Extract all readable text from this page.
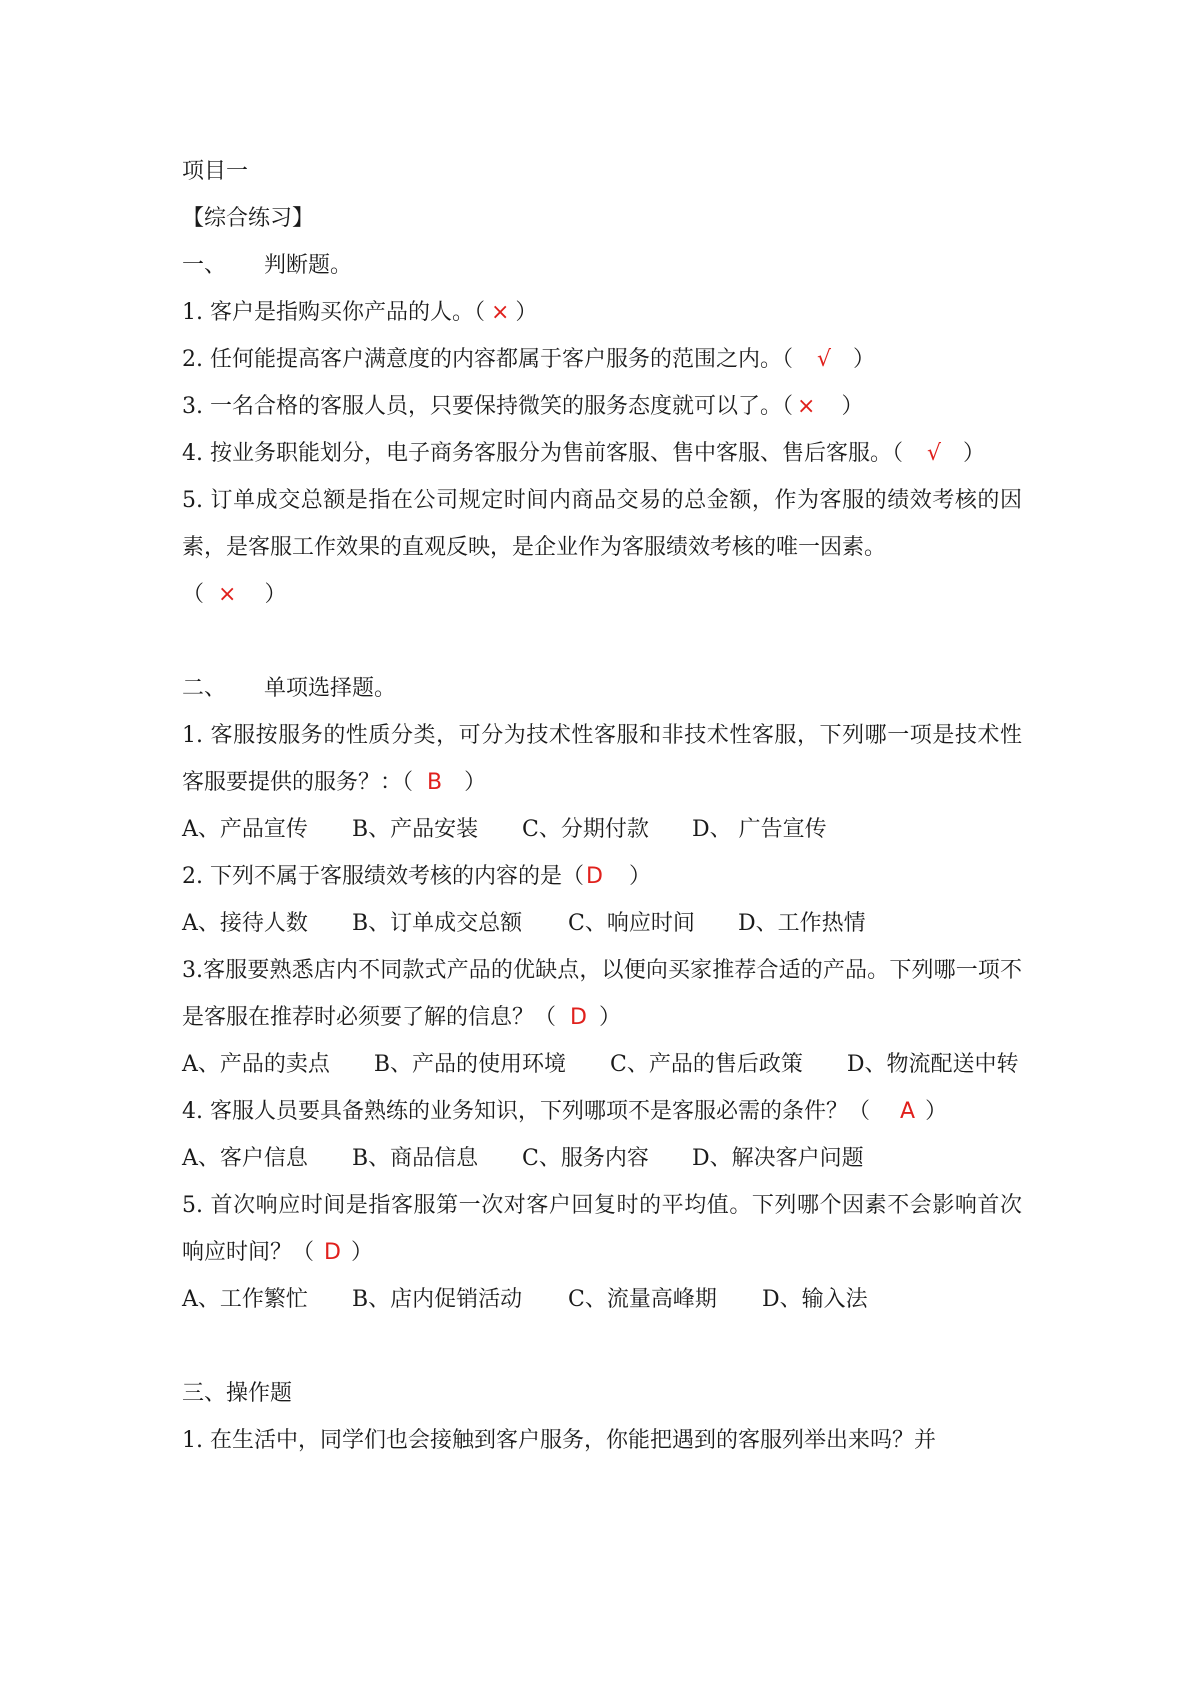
项目一
【综合练习】
一、 判断题。
1. 客户是指购买你产品的人。（ × ）
2. 任何能提高客户满意度的内容都属于客户服务的范围之内。（ √ ）
3. 一名合格的客服人员，只要保持微笑的服务态度就可以了。（ × ）
4. 按业务职能划分，电子商务客服分为售前客服、售中客服、售后客服。（ √ ）
5. 订单成交总额是指在公司规定时间内商品交易的总金额，作为客服的绩效考核的因素，是客服工作效果的直观反映，是企业作为客服绩效考核的唯一因素。
（ × ）
二、 单项选择题。
1. 客服按服务的性质分类，可分为技术性客服和非技术性客服，下列哪一项是技术性客服要提供的服务？：（ B ）
A、产品宣传 B、产品安装 C、分期付款 D、 广告宣传
2. 下列不属于客服绩效考核的内容的是（D ）
A、接待人数 B、订单成交总额 C、响应时间 D、工作热情
3.客服要熟悉店内不同款式产品的优缺点，以便向买家推荐合适的产品。下列哪一项不是客服在推荐时必须要了解的信息？（ D ）
A、产品的卖点　　B、产品的使用环境　　C、产品的售后政策　　D、物流配送中转
4. 客服人员要具备熟练的业务知识，下列哪项不是客服必需的条件？（ A ）
A、客户信息 B、商品信息 C、服务内容 D、解决客户问题
5. 首次响应时间是指客服第一次对客户回复时的平均值。下列哪个因素不会影响首次响应时间？（ D ）
A、工作繁忙 B、店内促销活动 C、流量高峰期 D、输入法
三、操作题
1. 在生活中，同学们也会接触到客户服务，你能把遇到的客服列举出来吗？并
